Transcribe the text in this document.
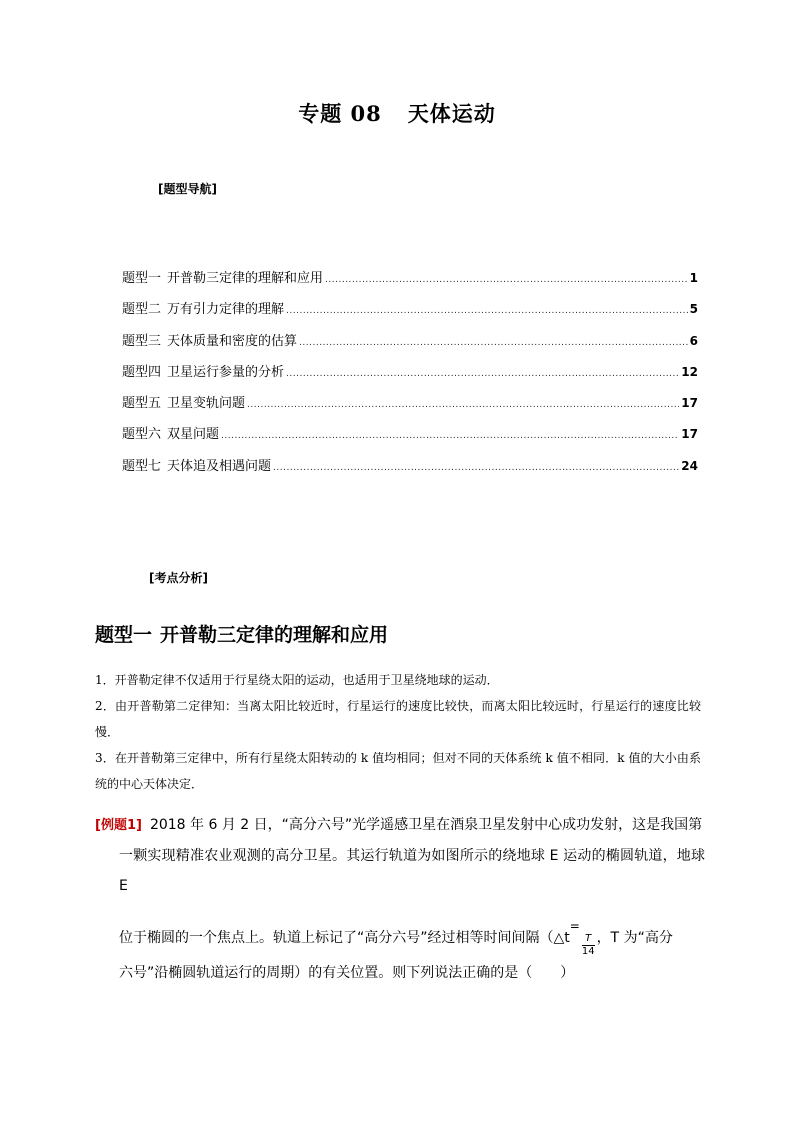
专题 08 天体运动
[题型导航]
题型一 开普勒三定律的理解和应用 .....	1
题型二 万有引力定律的理解 .....	5
题型三 天体质量和密度的估算 .....	6
题型四 卫星运行参量的分析 .....	12
题型五 卫星变轨问题 .....	17
题型六 双星问题 .....	17
题型七 天体追及相遇问题 .....	24
[考点分析]
题型一 开普勒三定律的理解和应用

1．开普勒定律不仅适用于行星绕太阳的运动，也适用于卫星绕地球的运动．

2．由开普勒第二定律知：当离太阳比较近时，行星运行的速度比较快，而离太阳比较远时，行星运行的速度比较慢．

3．在开普勒第三定律中，所有行星绕太阳转动的 k 值均相同；但对不同的天体系统 k 值不相同．k 值的大小由系统的中心天体决定．

[例题1] 2018 年 6 月 2 日，“高分六号”光学遥感卫星在酒泉卫星发射中心成功发射，这是我国第

一颗实现精准农业观测的高分卫星。其运行轨道为如图所示的绕地球 E 运动的椭圆轨道，地球 E

位于椭圆的一个焦点上。轨道上标记了“高分六号”经过相等时间间隔（△t=
$\frac{T}{14}$ ，T 为“高分

六号”沿椭圆轨道运行的周期）的有关位置。则下列说法正确的是（　　）
